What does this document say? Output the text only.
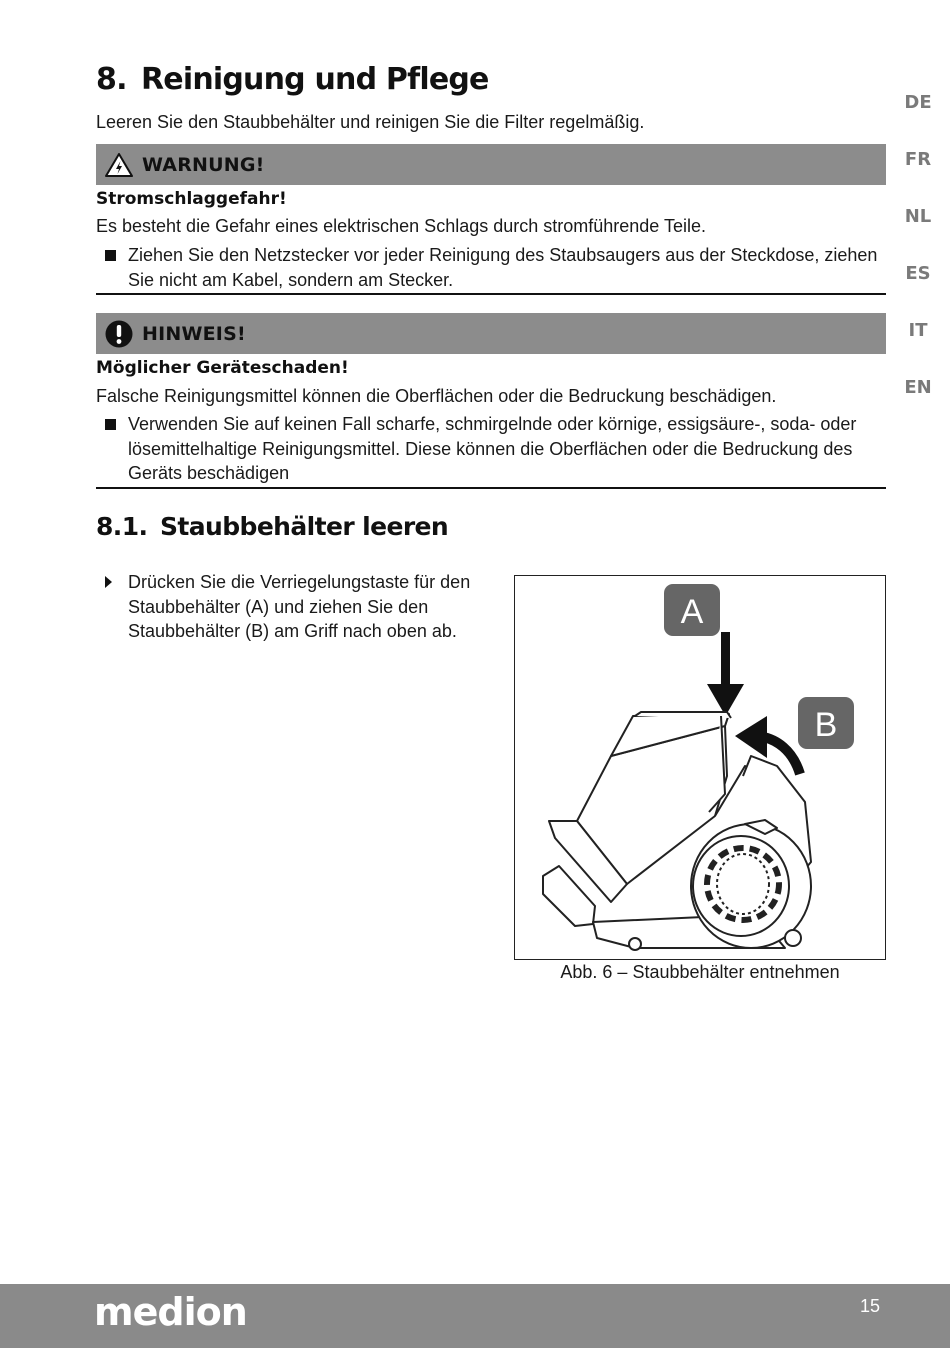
8. Reinigung und Pflege

Leeren Sie den Staubbehälter und reinigen Sie die Filter regelmäßig.

WARNUNG!

Stromschlaggefahr!

Es besteht die Gefahr eines elektrischen Schlags durch stromführende Teile.

Ziehen Sie den Netzstecker vor jeder Reinigung des Staubsaugers aus der Steckdose, ziehen Sie nicht am Kabel, sondern am Stecker.
HINWEIS!

Möglicher Geräteschaden!

Falsche Reinigungsmittel können die Oberflächen oder die Bedruckung beschädigen.

Verwenden Sie auf keinen Fall scharfe, schmirgelnde oder körnige, essigsäure-, soda- oder lösemittelhaltige Reinigungsmittel. Diese können die Oberflächen oder die Bedruckung des Geräts beschädigen
8.1. Staubbehälter leeren
Drücken Sie die Verriegelungstaste für den Staubbehälter (A) und ziehen Sie den Staubbehälter (B) am Griff nach oben ab.	A
B
Abb. 6 – Staubbehälter entnehmen
DE
FR
NL
ES
IT
EN
medion	15
